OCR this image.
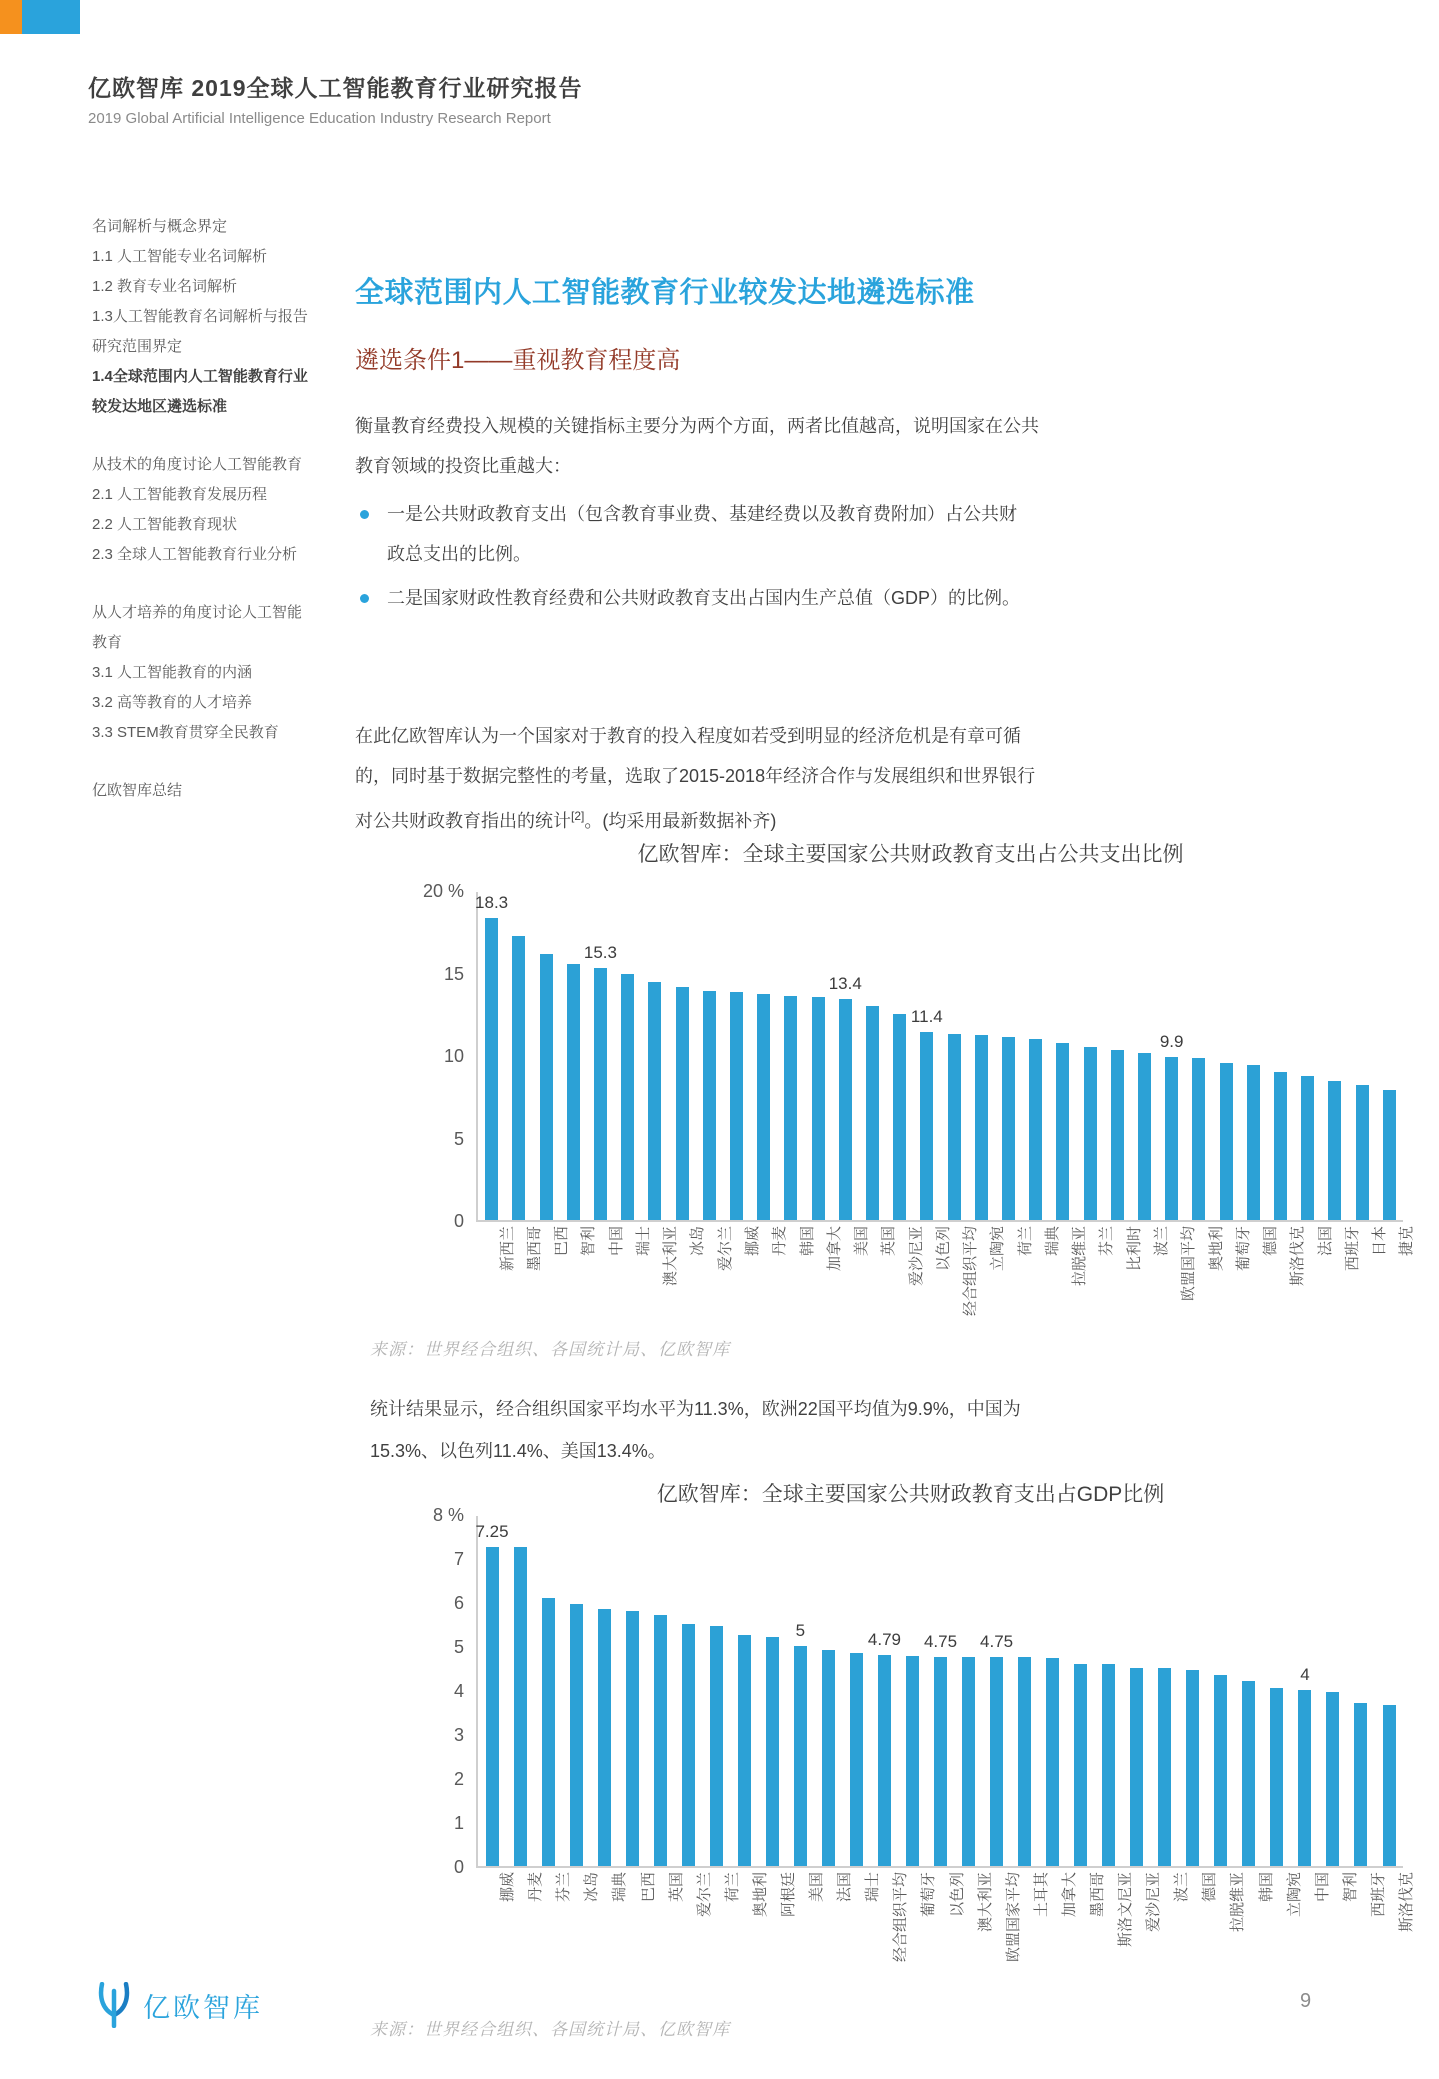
亿欧智库 2019全球人工智能教育行业研究报告
2019 Global Artificial Intelligence Education Industry Research Report
名词解析与概念界定
1.1 人工智能专业名词解析
1.2 教育专业名词解析
1.3人工智能教育名词解析与报告研究范围界定
1.4全球范围内人工智能教育行业较发达地区遴选标准
从技术的角度讨论人工智能教育
2.1 人工智能教育发展历程
2.2 人工智能教育现状
2.3 全球人工智能教育行业分析
从人才培养的角度讨论人工智能教育
3.1 人工智能教育的内涵
3.2 高等教育的人才培养
3.3 STEM教育贯穿全民教育
亿欧智库总结
全球范围内人工智能教育行业较发达地遴选标准
遴选条件1——重视教育程度高
衡量教育经费投入规模的关键指标主要分为两个方面，两者比值越高，说明国家在公共教育领域的投资比重越大：
一是公共财政教育支出（包含教育事业费、基建经费以及教育费附加）占公共财政总支出的比例。
二是国家财政性教育经费和公共财政教育支出占国内生产总值（GDP）的比例。

在此亿欧智库认为一个国家对于教育的投入程度如若受到明显的经济危机是有章可循的，同时基于数据完整性的考量，选取了2015-2018年经济合作与发展组织和世界银行对公共财政教育指出的统计[2]。(均采用最新数据补齐)

亿欧智库：全球主要国家公共财政教育支出占公共支出比例
20 %
15
10
5
0
18.3
15.3
13.4
11.4
9.9
新西兰 墨西哥 巴西 智利 中国 瑞士 澳大利亚 冰岛 爱尔兰 挪威 丹麦 韩国 加拿大 美国 英国 爱沙尼亚 以色列 经合组织平均 立陶宛 荷兰 瑞典 拉脱维亚 芬兰 比利时 波兰 欧盟国平均 奥地利 葡萄牙 德国 斯洛伐克 法国 西班牙 日本 捷克
来源：世界经合组织、各国统计局、亿欧智库
统计结果显示，经合组织国家平均水平为11.3%，欧洲22国平均值为9.9%，中国为15.3%、以色列11.4%、美国13.4%。
亿欧智库：全球主要国家公共财政教育支出占GDP比例
8 %
7
6
5
4
3
2
1
0
7.25
5	4.79 4.75 4.75
4
挪威 丹麦 芬兰 冰岛 瑞典 巴西 英国 爱尔兰 荷兰 奥地利 阿根廷 美国 法国 瑞士 经合组织平均 葡萄牙 以色列 澳大利亚 欧盟国家平均 土耳其 加拿大 墨西哥 斯洛文尼亚 爱沙尼亚 波兰 德国 拉脱维亚 韩国 立陶宛 中国 智利 西班牙 斯洛伐克
来源：世界经合组织、各国统计局、亿欧智库
亿欧智库	9
